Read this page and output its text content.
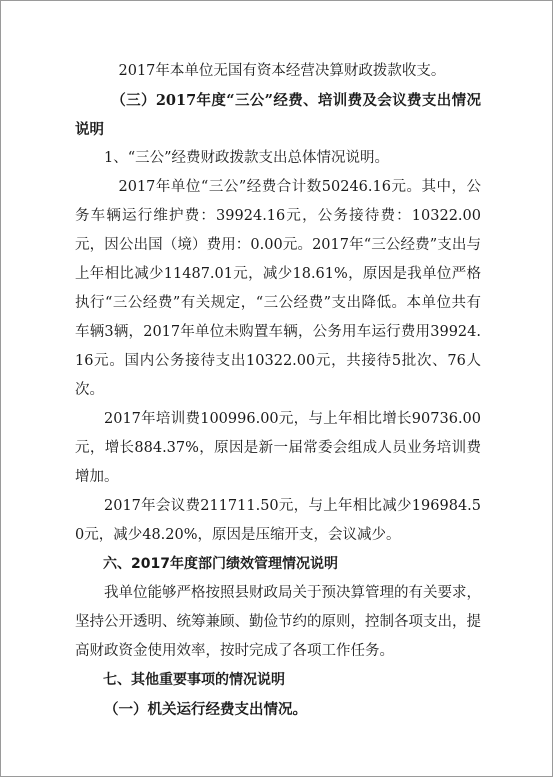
2017年本单位无国有资本经营决算财政拨款收支。

（三）2017年度“三公”经费、培训费及会议费支出情况说明

1、“三公”经费财政拨款支出总体情况说明。

2017年单位“三公”经费合计数50246.16元。其中，公务车辆运行维护费：39924.16元，公务接待费：10322.00元，因公出国（境）费用：0.00元。2017年“三公经费”支出与上年相比减少11487.01元，减少18.61%，原因是我单位严格执行“三公经费”有关规定，“三公经费”支出降低。本单位共有车辆3辆，2017年单位未购置车辆，公务用车运行费用39924.16元。国内公务接待支出10322.00元，共接待5批次、76人次。

2017年培训费100996.00元，与上年相比增长90736.00元，增长884.37%，原因是新一届常委会组成人员业务培训费增加。

2017年会议费211711.50元，与上年相比减少196984.50元，减少48.20%，原因是压缩开支，会议减少。

六、2017年度部门绩效管理情况说明

我单位能够严格按照县财政局关于预决算管理的有关要求，坚持公开透明、统筹兼顾、勤俭节约的原则，控制各项支出，提高财政资金使用效率，按时完成了各项工作任务。

七、其他重要事项的情况说明

（一）机关运行经费支出情况。
